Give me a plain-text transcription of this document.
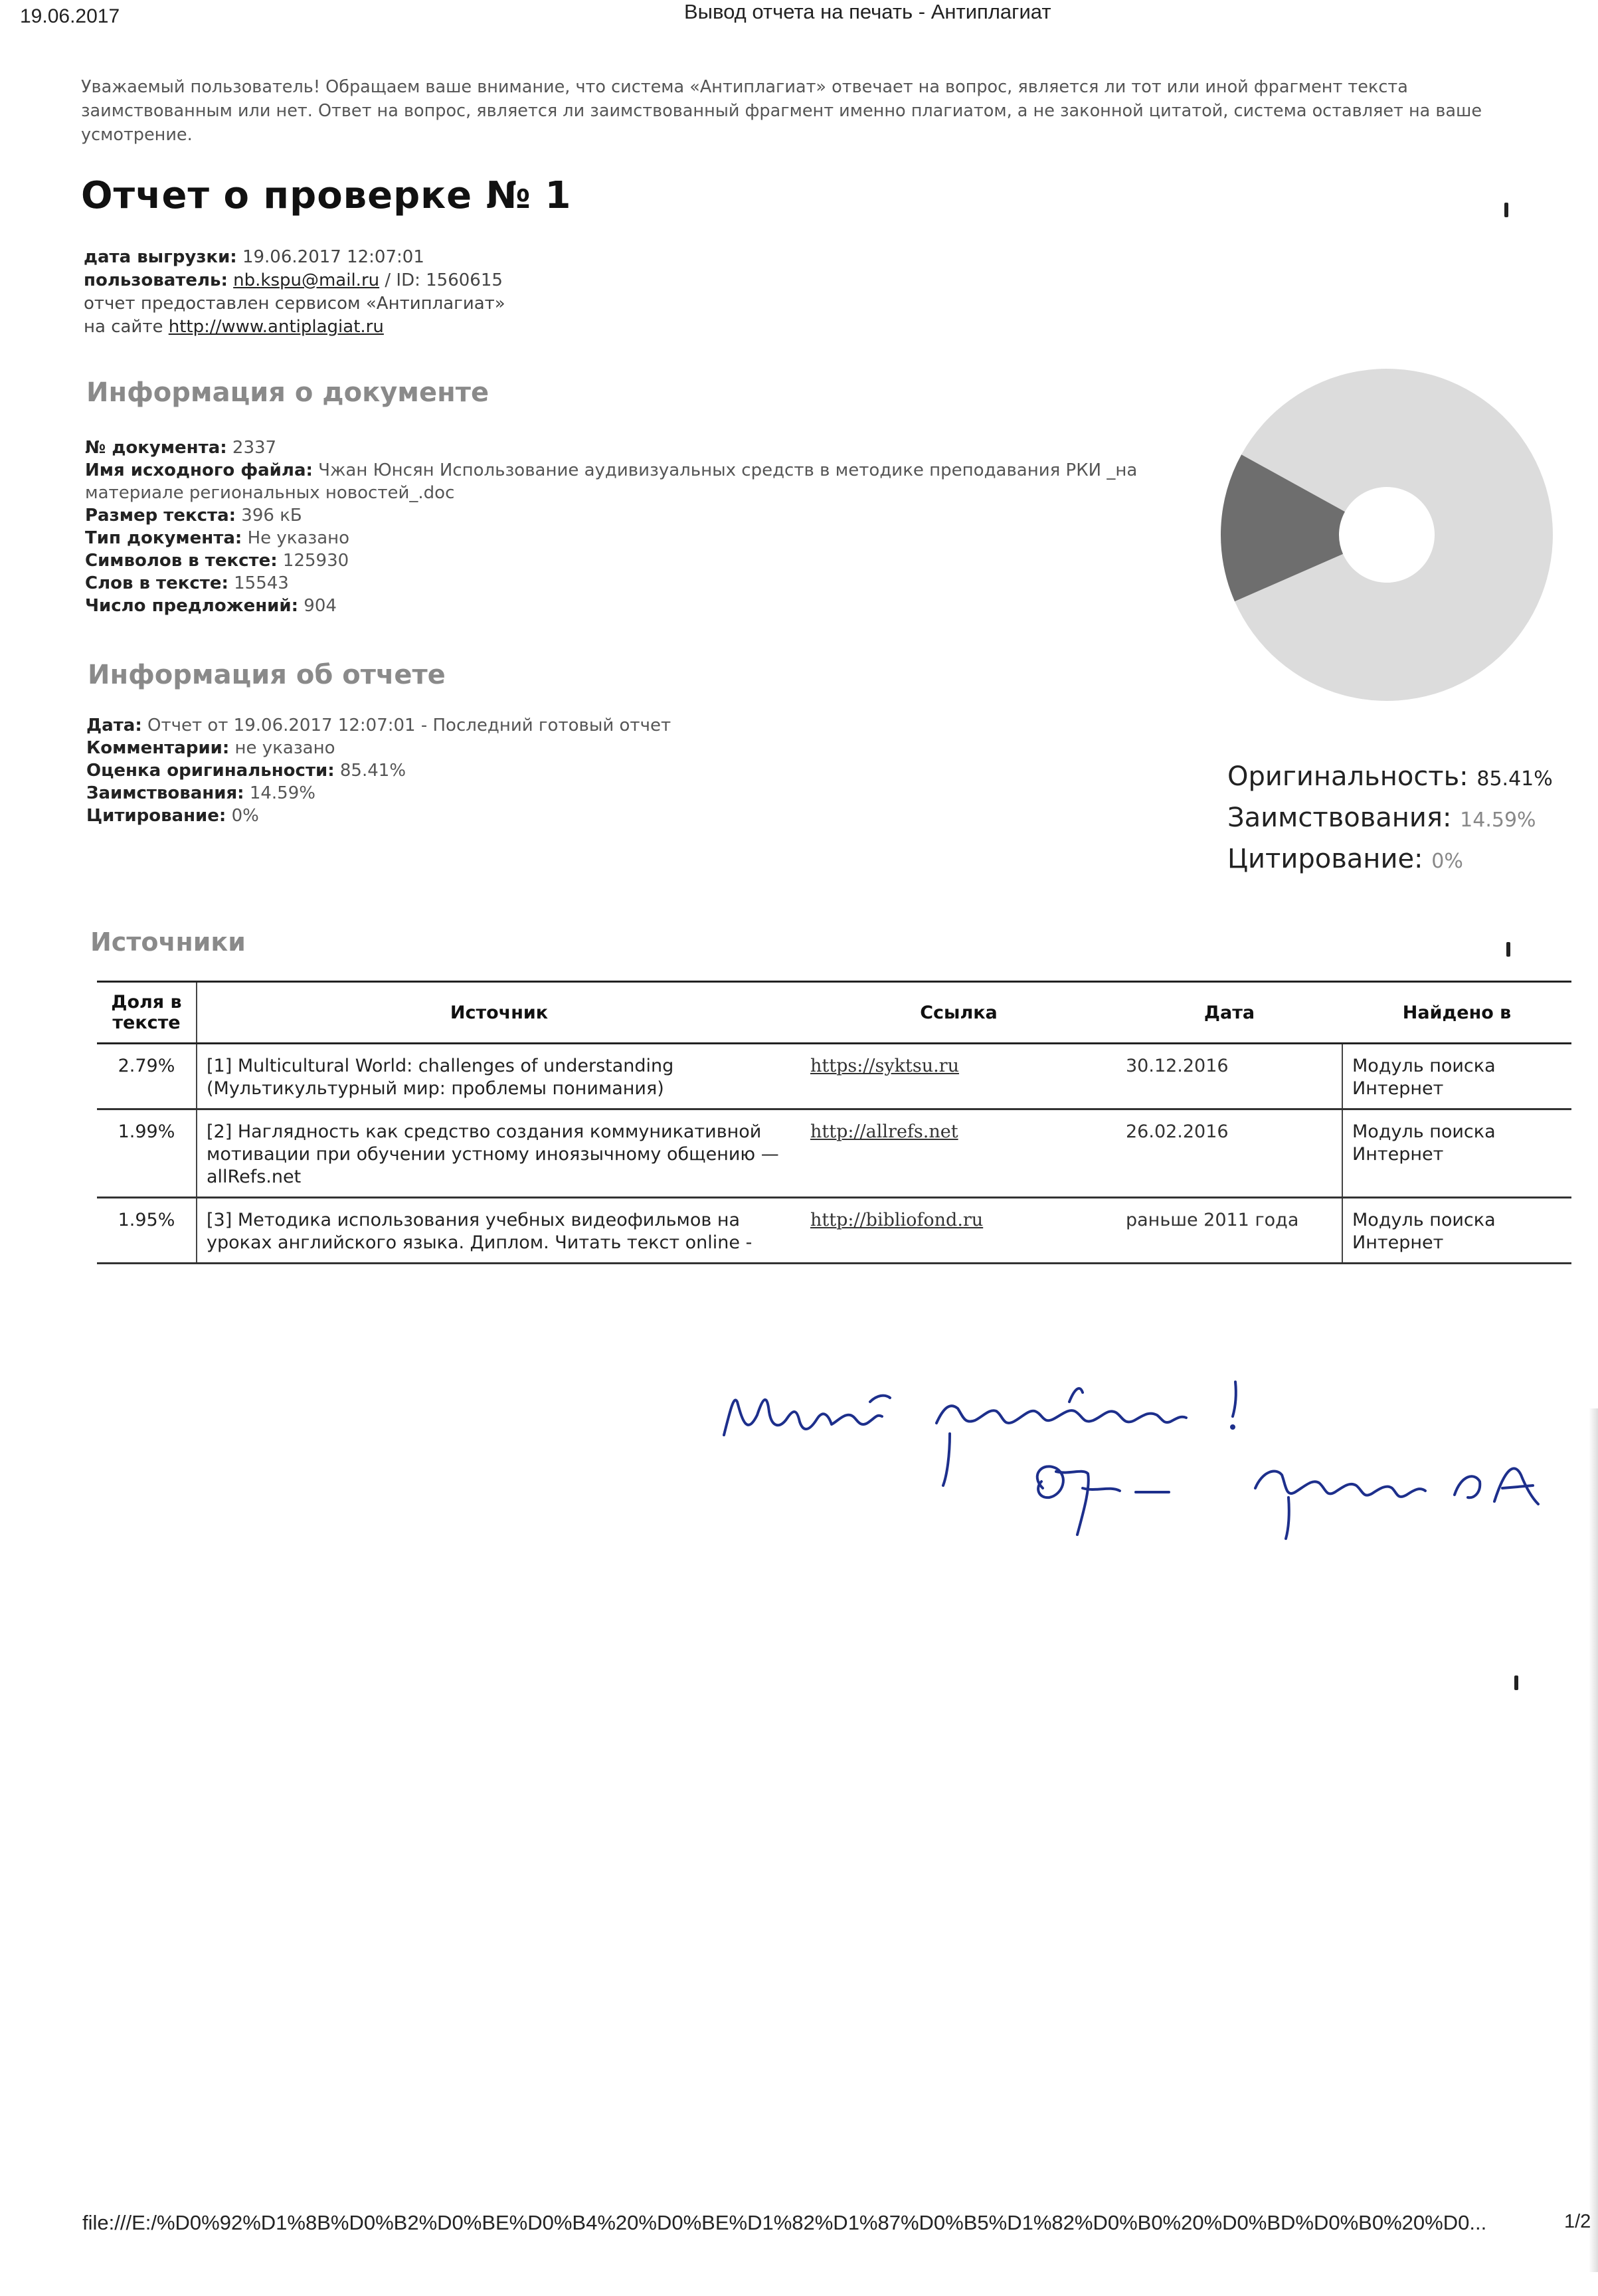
19.06.2017	Вывод отчета на печать - Антиплагиат
Уважаемый пользователь! Обращаем ваше внимание, что система «Антиплагиат» отвечает на вопрос, является ли тот или иной фрагмент текста заимствованным или нет. Ответ на вопрос, является ли заимствованный фрагмент именно плагиатом, а не законной цитатой, система оставляет на ваше усмотрение.
Отчет о проверке № 1
дата выгрузки: 19.06.2017 12:07:01
пользователь: nb.kspu@mail.ru / ID: 1560615
отчет предоставлен сервисом «Антиплагиат»
на сайте http://www.antiplagiat.ru
Информация о документе
№ документа: 2337
Имя исходного файла: Чжан Юнсян Использование аудивизуальных средств в методике преподавания РКИ _на
материале региональных новостей_.doc
Размер текста: 396 кБ
Тип документа: Не указано
Символов в тексте: 125930
Слов в тексте: 15543
Число предложений: 904
Информация об отчете
Дата: Отчет от 19.06.2017 12:07:01 - Последний готовый отчет
Комментарии: не указано
Оценка оригинальности: 85.41%
Заимствования: 14.59%
Цитирование: 0%
Оригинальность: 85.41%
Заимствования: 14.59%
Цитирование: 0%
Источники
Доля в
тексте	Источник	Ссылка	Дата	Найдено в
2.79%	[1] Multicultural World: challenges of understanding
(Мультикультурный мир: проблемы понимания)	https://syktsu.ru	30.12.2016	Модуль поиска
Интернет
1.99%	[2] Наглядность как средство создания коммуникативной
мотивации при обучении устному иноязычному общению —
allRefs.net	http://allrefs.net	26.02.2016	Модуль поиска
Интернет
1.95%	[3] Методика использования учебных видеофильмов на
уроках английского языка. Диплом. Читать текст online -	http://bibliofond.ru	раньше 2011 года	Модуль поиска
Интернет
file:///E:/%D0%92%D1%8B%D0%B2%D0%BE%D0%B4%20%D0%BE%D1%82%D1%87%D0%B5%D1%82%D0%B0%20%D0%BD%D0%B0%20%D0...	1/2
